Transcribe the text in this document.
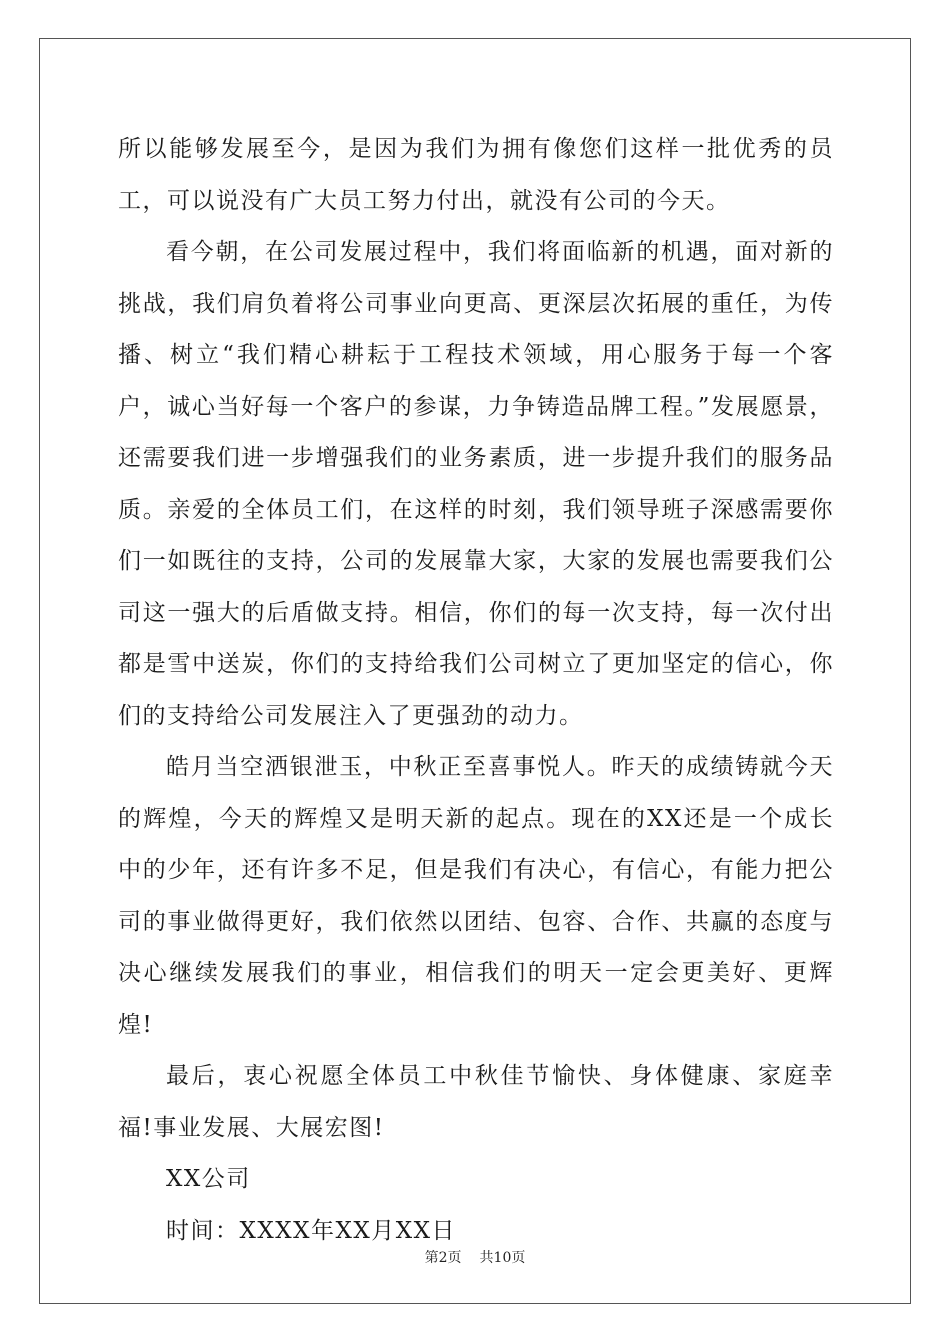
所以能够发展至今，是因为我们为拥有像您们这样一批优秀的员工，可以说没有广大员工努力付出，就没有公司的今天。

看今朝，在公司发展过程中，我们将面临新的机遇，面对新的挑战，我们肩负着将公司事业向更高、更深层次拓展的重任，为传播、树立“我们精心耕耘于工程技术领域，用心服务于每一个客户，诚心当好每一个客户的参谋，力争铸造品牌工程。”发展愿景，还需要我们进一步增强我们的业务素质，进一步提升我们的服务品质。亲爱的全体员工们，在这样的时刻，我们领导班子深感需要你们一如既往的支持，公司的发展靠大家，大家的发展也需要我们公司这一强大的后盾做支持。相信，你们的每一次支持，每一次付出都是雪中送炭，你们的支持给我们公司树立了更加坚定的信心，你们的支持给公司发展注入了更强劲的动力。

皓月当空洒银泄玉，中秋正至喜事悦人。昨天的成绩铸就今天的辉煌，今天的辉煌又是明天新的起点。现在的XX还是一个成长中的少年，还有许多不足，但是我们有决心，有信心，有能力把公司的事业做得更好，我们依然以团结、包容、合作、共赢的态度与决心继续发展我们的事业，相信我们的明天一定会更美好、更辉煌!

最后，衷心祝愿全体员工中秋佳节愉快、身体健康、家庭幸福!事业发展、大展宏图!

XX公司

时间：XXXX年XX月XX日

第2页 共10页
